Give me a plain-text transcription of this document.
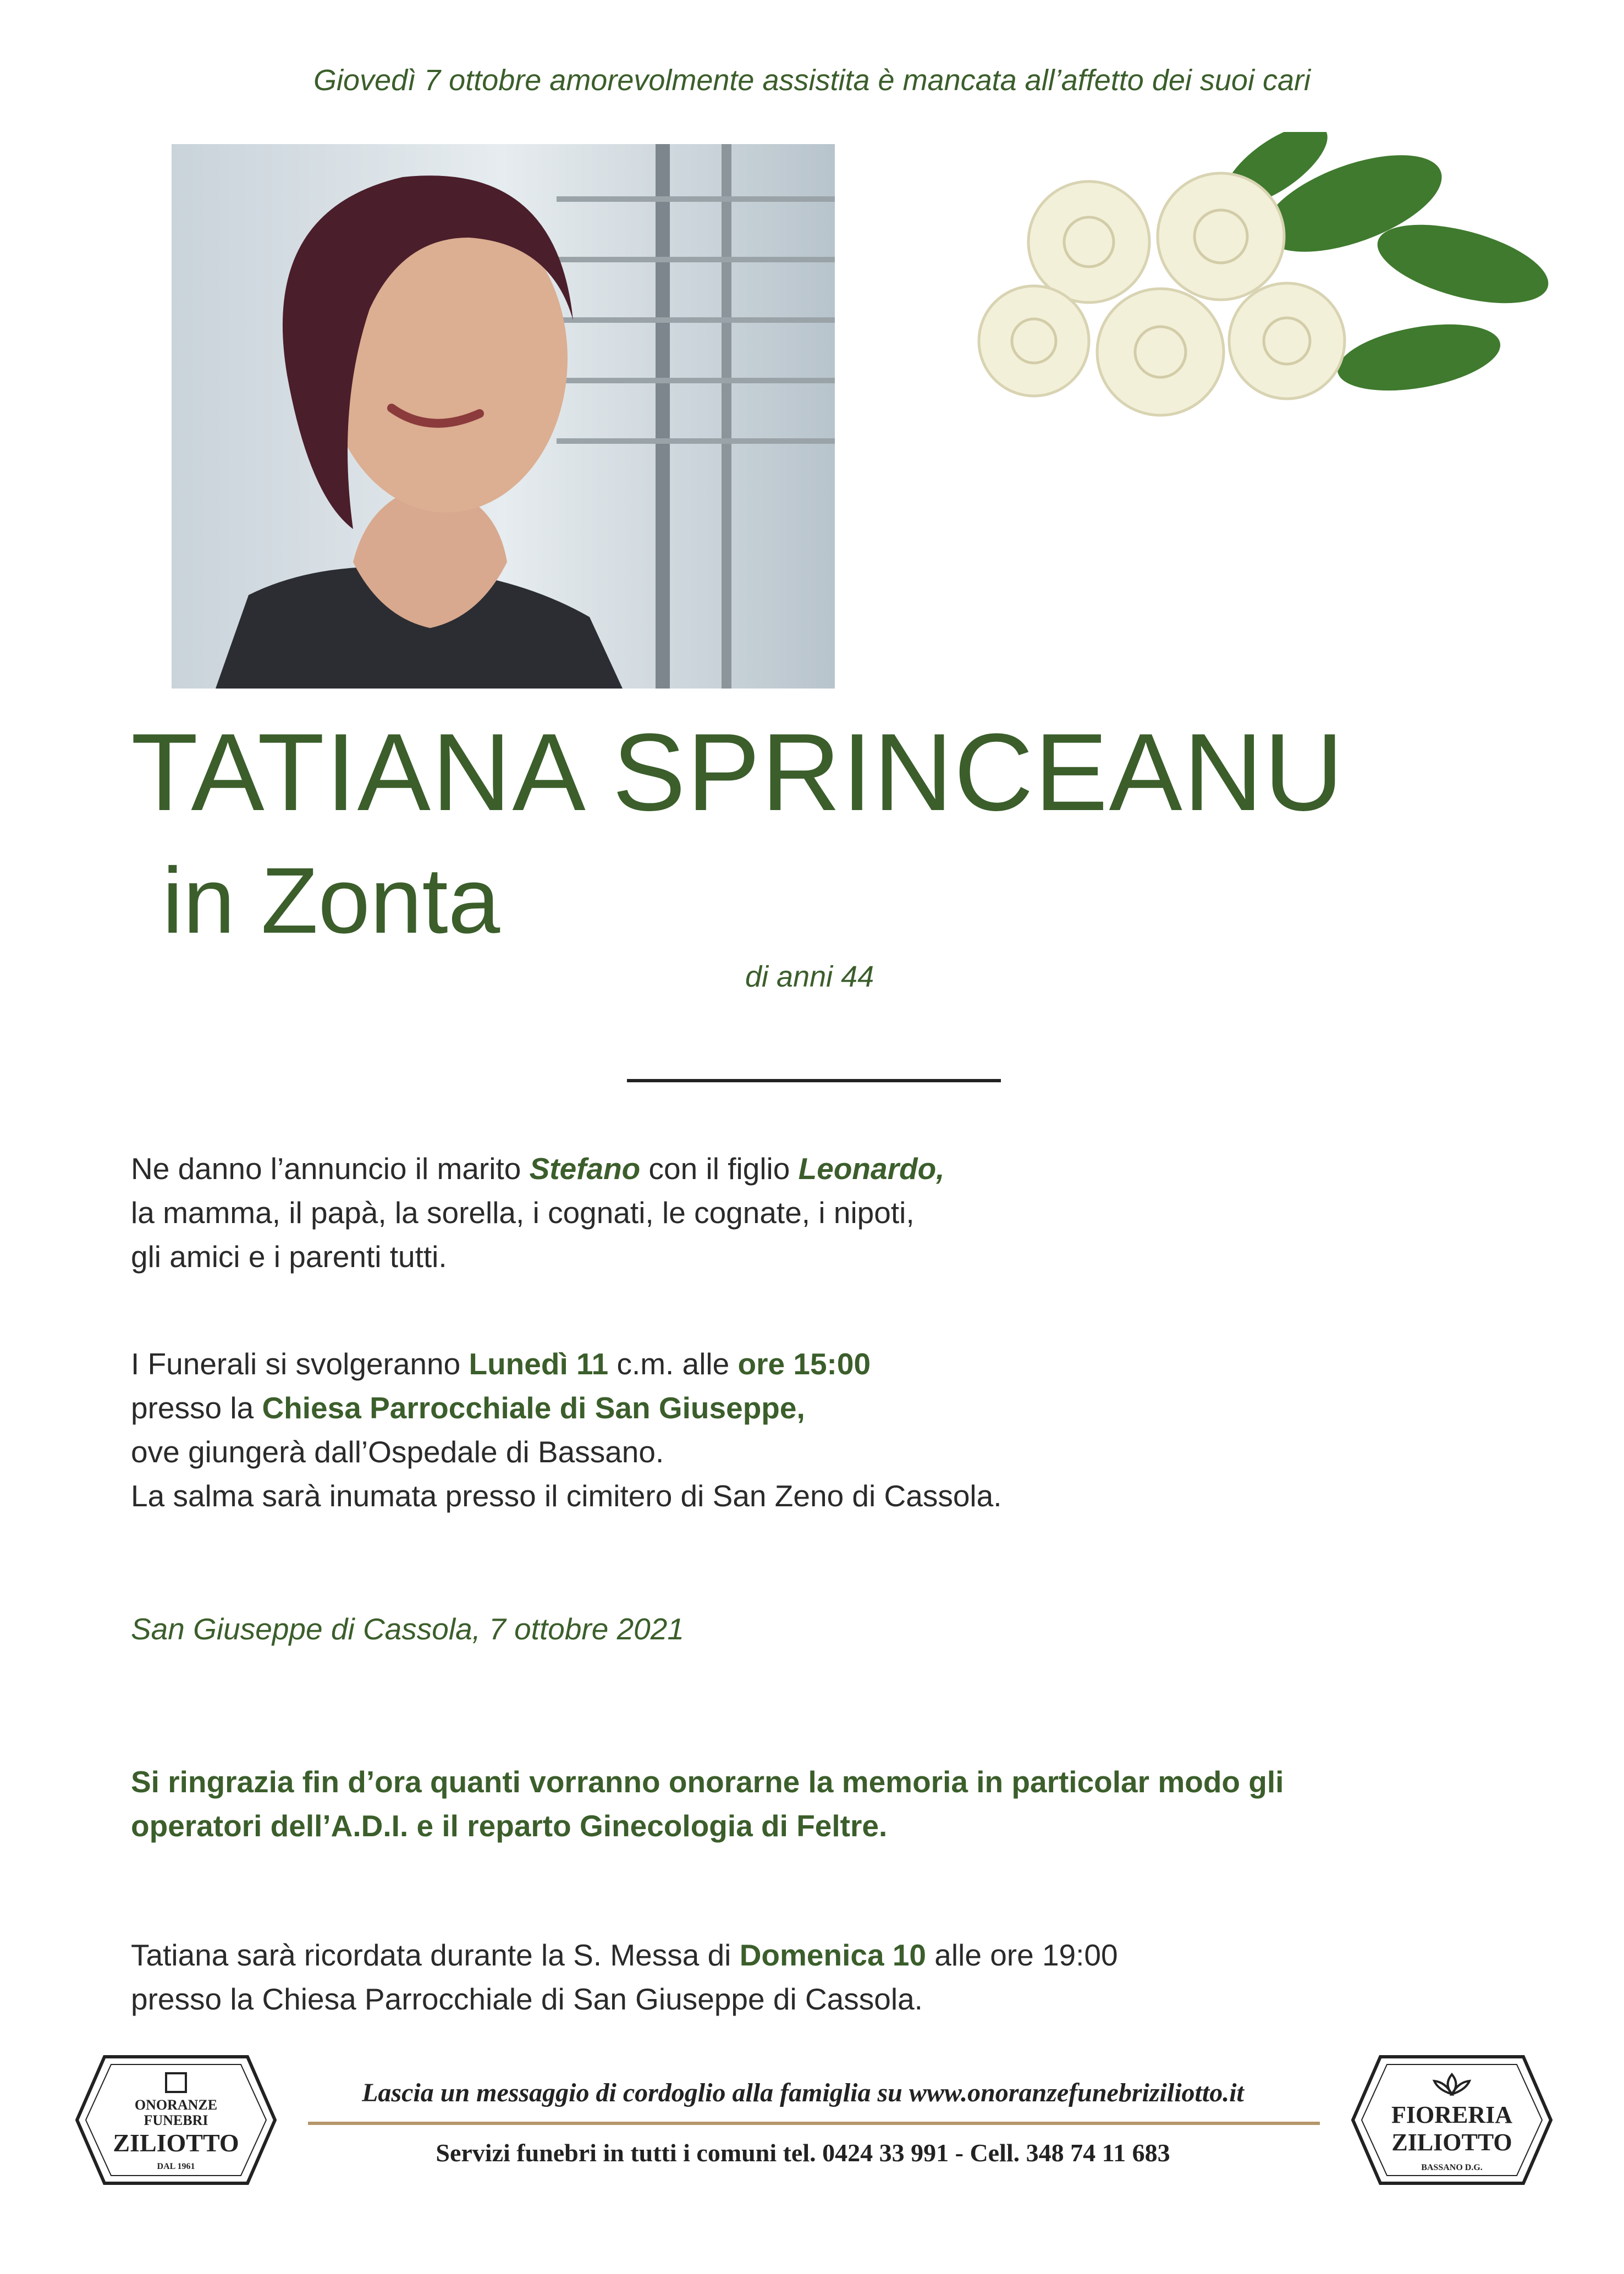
Giovedì 7 ottobre amorevolmente assistita è mancata all’affetto dei suoi cari
TATIANA SPRINCEANU
in Zonta
di anni 44
Ne danno l’annuncio il marito Stefano con il figlio Leonardo,
la mamma, il papà, la sorella, i cognati, le cognate, i nipoti,
gli amici e i parenti tutti.
I Funerali si svolgeranno Lunedì 11 c.m. alle ore 15:00
presso la Chiesa Parrocchiale di San Giuseppe,
ove giungerà dall’Ospedale di Bassano.
La salma sarà inumata presso il cimitero di San Zeno di Cassola.
San Giuseppe di Cassola, 7 ottobre 2021
Si ringrazia fin d’ora quanti vorranno onorarne la memoria in particolar modo gli
operatori dell’A.D.I. e il reparto Ginecologia di Feltre.
Tatiana sarà ricordata durante la S. Messa di Domenica 10 alle ore 19:00
presso la Chiesa Parrocchiale di San Giuseppe di Cassola.
ONORANZE
FUNEBRI
ZILIOTTO
DAL 1961
Lascia un messaggio di cordoglio alla famiglia su www.onoranzefunebriziliotto.it
Servizi funebri in tutti i comuni tel. 0424 33 991 - Cell. 348 74 11 683
FIORERIA
ZILIOTTO
BASSANO D.G.
